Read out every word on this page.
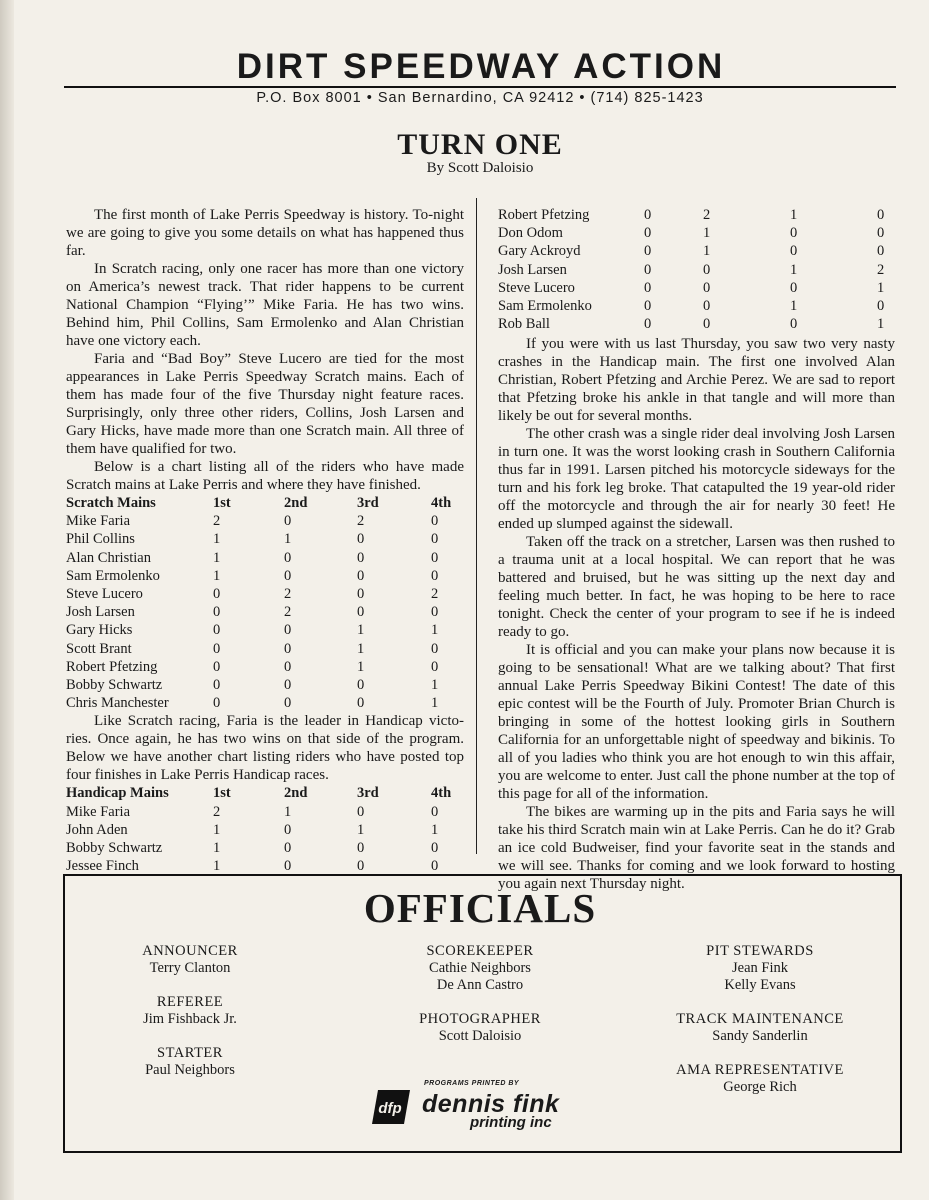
DIRT SPEEDWAY ACTION
P.O. Box 8001 • San Bernardino, CA 92412 • (714) 825-1423
TURN ONE
By Scott Daloisio

The first month of Lake Perris Speedway is history. To-night we are going to give you some details on what has happened thus far.

In Scratch racing, only one racer has more than one victory on America’s newest track. That rider happens to be current National Champion “Flying’” Mike Faria. He has two wins. Behind him, Phil Collins, Sam Ermolenko and Alan Christian have one victory each.

Faria and “Bad Boy” Steve Lucero are tied for the most appearances in Lake Perris Speedway Scratch mains. Each of them has made four of the five Thursday night feature races. Surprisingly, only three other riders, Collins, Josh Larsen and Gary Hicks, have made more than one Scratch main. All three of them have qualified for two.

Below is a chart listing all of the riders who have made Scratch mains at Lake Perris and where they have finished.

Scratch Mains	1st	2nd	3rd	4th
Mike Faria	2	0	2	0
Phil Collins	1	1	0	0
Alan Christian	1	0	0	0
Sam Ermolenko	1	0	0	0
Steve Lucero	0	2	0	2
Josh Larsen	0	2	0	0
Gary Hicks	0	0	1	1
Scott Brant	0	0	1	0
Robert Pfetzing	0	0	1	0
Bobby Schwartz	0	0	0	1
Chris Manchester	0	0	0	1

Like Scratch racing, Faria is the leader in Handicap victo-ries. Once again, he has two wins on that side of the program. Below we have another chart listing riders who have posted top four finishes in Lake Perris Handicap races.

Handicap Mains	1st	2nd	3rd	4th
Mike Faria	2	1	0	0
John Aden	1	0	1	1
Bobby Schwartz	1	0	0	0
Jessee Finch	1	0	0	0
Robert Pfetzing	0	2	1	0
Don Odom	0	1	0	0
Gary Ackroyd	0	1	0	0
Josh Larsen	0	0	1	2
Steve Lucero	0	0	0	1
Sam Ermolenko	0	0	1	0
Rob Ball	0	0	0	1

If you were with us last Thursday, you saw two very nasty crashes in the Handicap main. The first one involved Alan Christian, Robert Pfetzing and Archie Perez. We are sad to report that Pfetzing broke his ankle in that tangle and will more than likely be out for several months.

The other crash was a single rider deal involving Josh Larsen in turn one. It was the worst looking crash in Southern California thus far in 1991. Larsen pitched his motorcycle sideways for the turn and his fork leg broke. That catapulted the 19 year-old rider off the motorcycle and through the air for nearly 30 feet! He ended up slumped against the sidewall.

Taken off the track on a stretcher, Larsen was then rushed to a trauma unit at a local hospital. We can report that he was battered and bruised, but he was sitting up the next day and feeling much better. In fact, he was hoping to be here to race tonight. Check the center of your program to see if he is indeed ready to go.

It is official and you can make your plans now because it is going to be sensational! What are we talking about? That first annual Lake Perris Speedway Bikini Contest! The date of this epic contest will be the Fourth of July. Promoter Brian Church is bringing in some of the hottest looking girls in Southern California for an unforgettable night of speedway and bikinis. To all of you ladies who think you are hot enough to win this affair, you are welcome to enter. Just call the phone number at the top of this page for all of the information.

The bikes are warming up in the pits and Faria says he will take his third Scratch main win at Lake Perris. Can he do it? Grab an ice cold Budweiser, find your favorite seat in the stands and we will see. Thanks for coming and we look forward to hosting you again next Thursday night.

OFFICIALS
ANNOUNCER
Terry Clanton
REFEREE
Jim Fishback Jr.
STARTER
Paul Neighbors
SCOREKEEPER
Cathie Neighbors
De Ann Castro
PHOTOGRAPHER
Scott Daloisio
PIT STEWARDS
Jean Fink
Kelly Evans
TRACK MAINTENANCE
Sandy Sanderlin
AMA REPRESENTATIVE
George Rich
dfp
PROGRAMS PRINTED BY
dennis fink
printing inc
